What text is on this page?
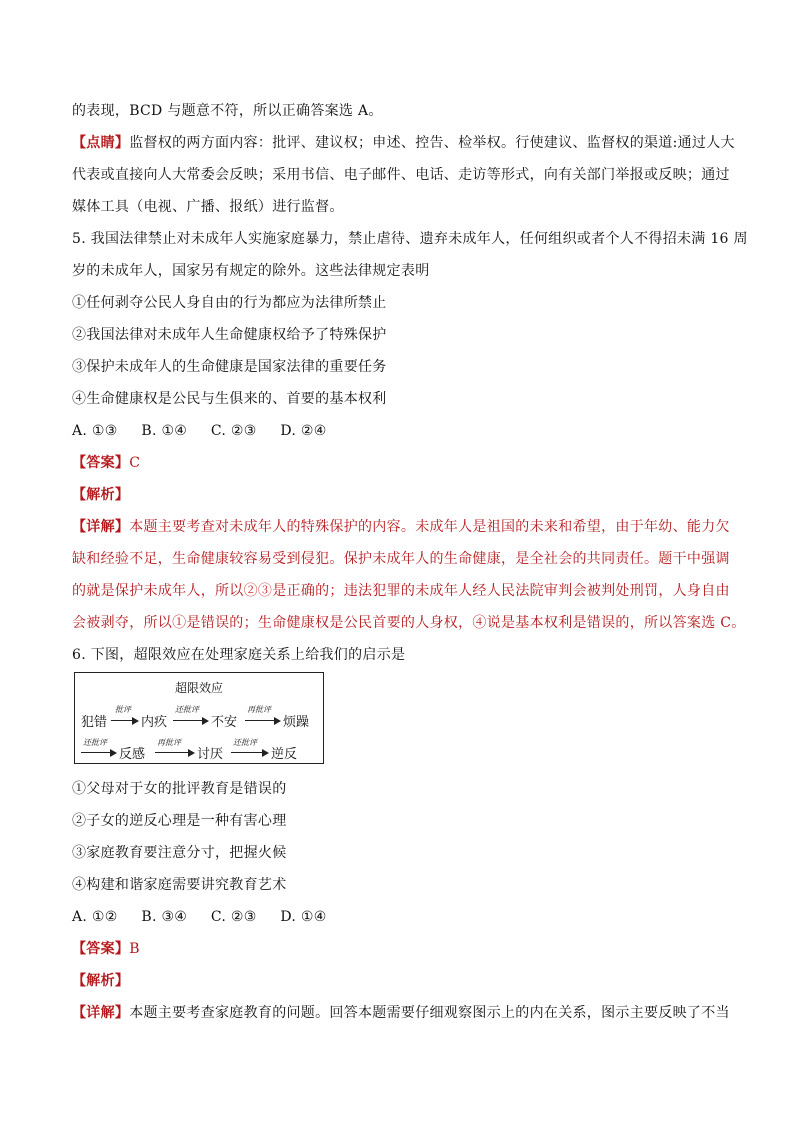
的表现，BCD 与题意不符，所以正确答案选 A。
【点睛】监督权的两方面内容：批评、建议权；申述、控告、检举权。行使建议、监督权的渠道:通过人大
代表或直接向人大常委会反映；采用书信、电子邮件、电话、走访等形式，向有关部门举报或反映；通过
媒体工具（电视、广播、报纸）进行监督。
5. 我国法律禁止对未成年人实施家庭暴力，禁止虐待、遗弃未成年人，任何组织或者个人不得招未满 16 周
岁的未成年人，国家另有规定的除外。这些法律规定表明
①任何剥夺公民人身自由的行为都应为法律所禁止
②我国法律对未成年人生命健康权给予了特殊保护
③保护未成年人的生命健康是国家法律的重要任务
④生命健康权是公民与生俱来的、首要的基本权利
A. ①③     B. ①④     C. ②③     D. ②④
【答案】C
【解析】
【详解】本题主要考查对未成年人的特殊保护的内容。未成年人是祖国的未来和希望，由于年幼、能力欠
缺和经验不足，生命健康较容易受到侵犯。保护未成年人的生命健康，是全社会的共同责任。题干中强调
的就是保护未成年人，所以②③是正确的；违法犯罪的未成年人经人民法院审判会被判处刑罚，人身自由
会被剥夺，所以①是错误的；生命健康权是公民首要的人身权，④说是基本权利是错误的，所以答案选 C。
6. 下图，超限效应在处理家庭关系上给我们的启示是
超限效应
犯错
批评
内疚
还批评
不安
再批评
烦躁
还批评
反感
再批评
讨厌
还批评
逆反
①父母对于女的批评教育是错误的
②子女的逆反心理是一种有害心理
③家庭教育要注意分寸，把握火候
④构建和谐家庭需要讲究教育艺术
A. ①②     B. ③④     C. ②③     D. ①④
【答案】B
【解析】
【详解】本题主要考查家庭教育的问题。回答本题需要仔细观察图示上的内在关系，图示主要反映了不当
